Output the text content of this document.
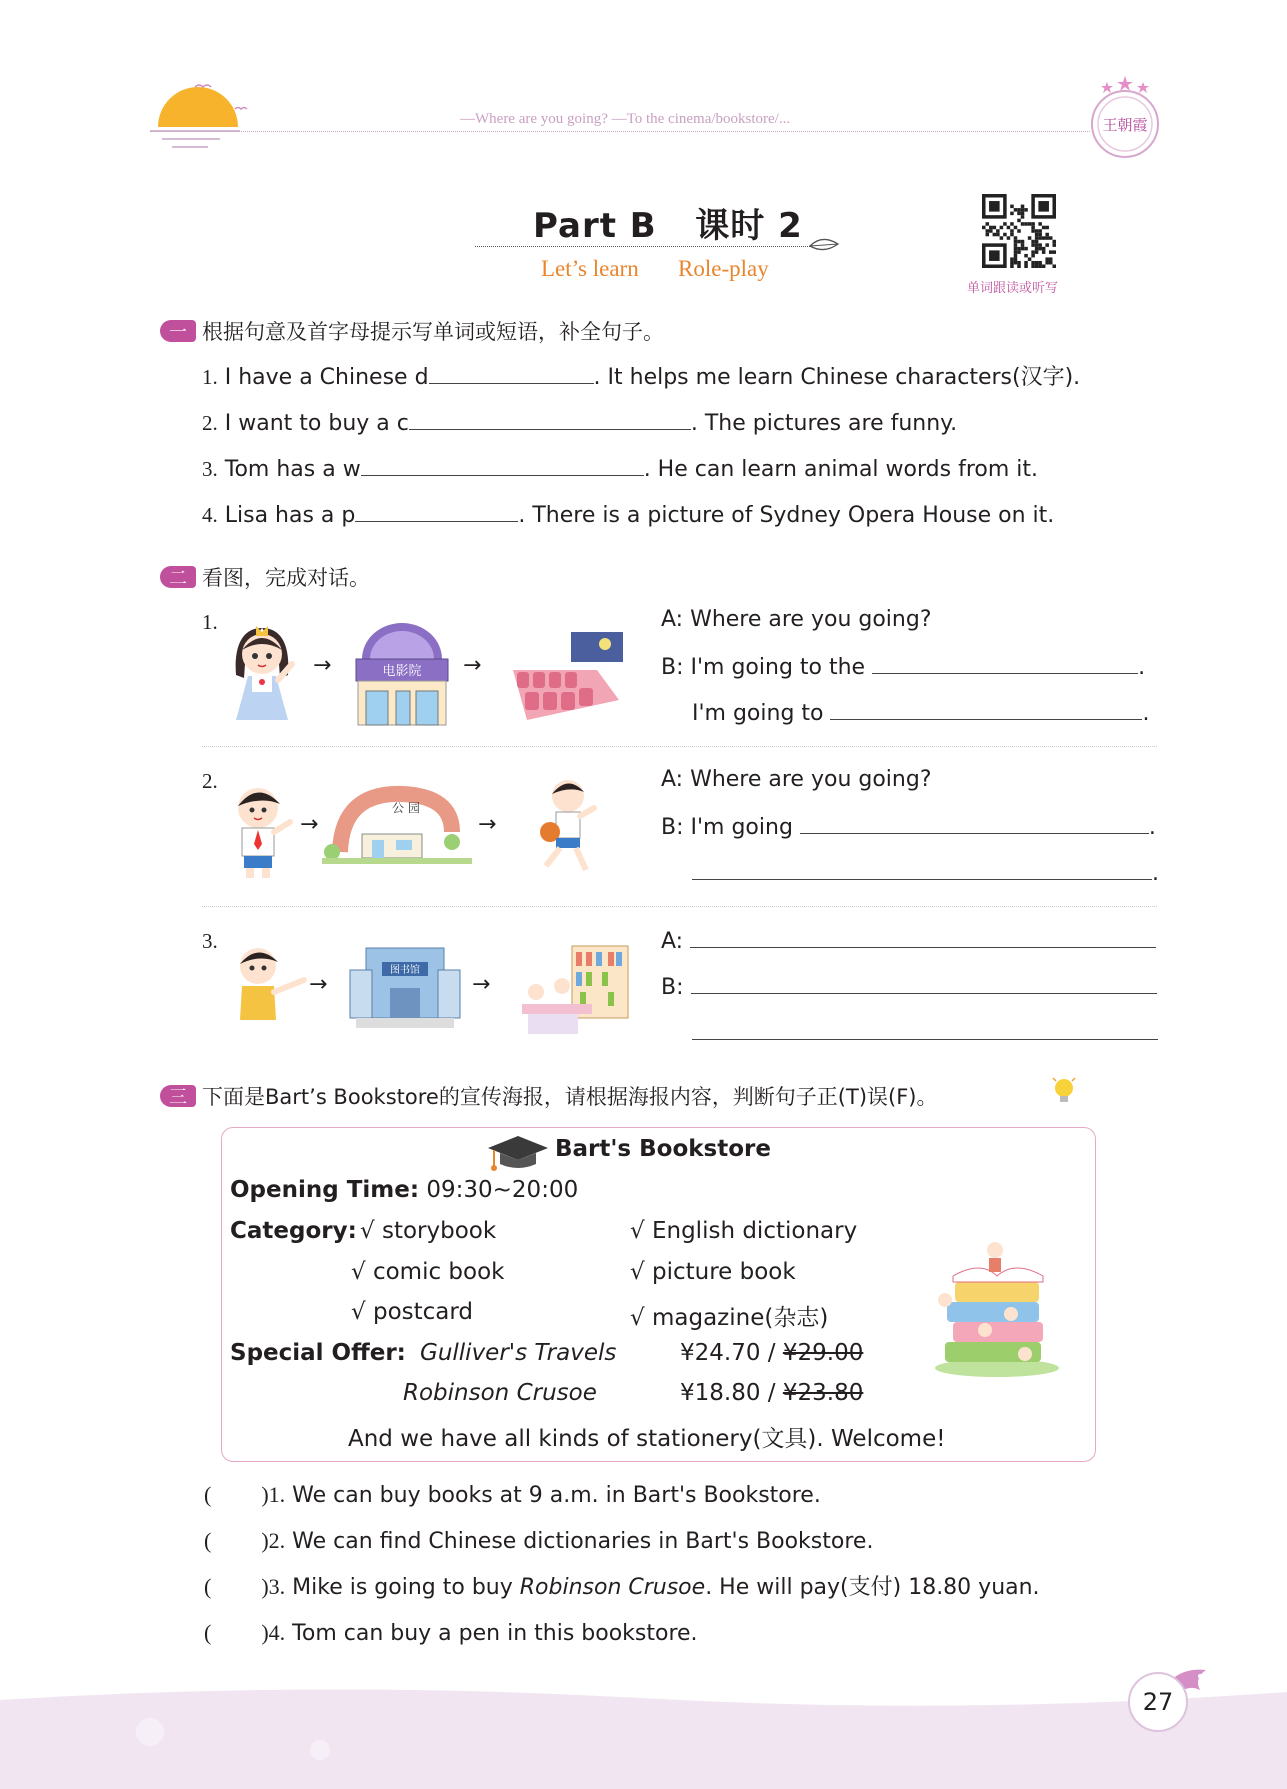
—Where are you going? —To the cinema/bookstore/...	王朝霞
Part B   课时 2
Let’s learn Role-play
单词跟读或听写
一 根据句意及首字母提示写单词或短语，补全句子。
1. I have a Chinese d	. It helps me learn Chinese characters(汉字).
2. I want to buy a c	. The pictures are funny.
3. Tom has a w	. He can learn animal words from it.
4. Lisa has a p	. There is a picture of Sydney Opera House on it.
二 看图，完成对话。
1.
→	电影院 →
A: Where are you going?
B: I'm going to the	.
I'm going to	.
2.
→
公 园
→
A: Where are you going?
B: I'm going	.
.
3.
→
图书馆
→
A:
B:
三 下面是Bart’s Bookstore的宣传海报，请根据海报内容，判断句子正(T)误(F)。
Bart's Bookstore
Opening Time: 09:30~20:00
Category: √ storybook	√ English dictionary
√ comic book	√ picture book
√ postcard	√ magazine(杂志)
Special Offer: Gulliver's Travels	¥24.70 / ¥29.00
Robinson Crusoe	¥18.80 / ¥23.80
And we have all kinds of stationery(文具). Welcome!
( )1. We can buy books at 9 a.m. in Bart's Bookstore.
( )2. We can find Chinese dictionaries in Bart's Bookstore.
( )3. Mike is going to buy Robinson Crusoe. He will pay(支付) 18.80 yuan.
( )4. Tom can buy a pen in this bookstore.
27
